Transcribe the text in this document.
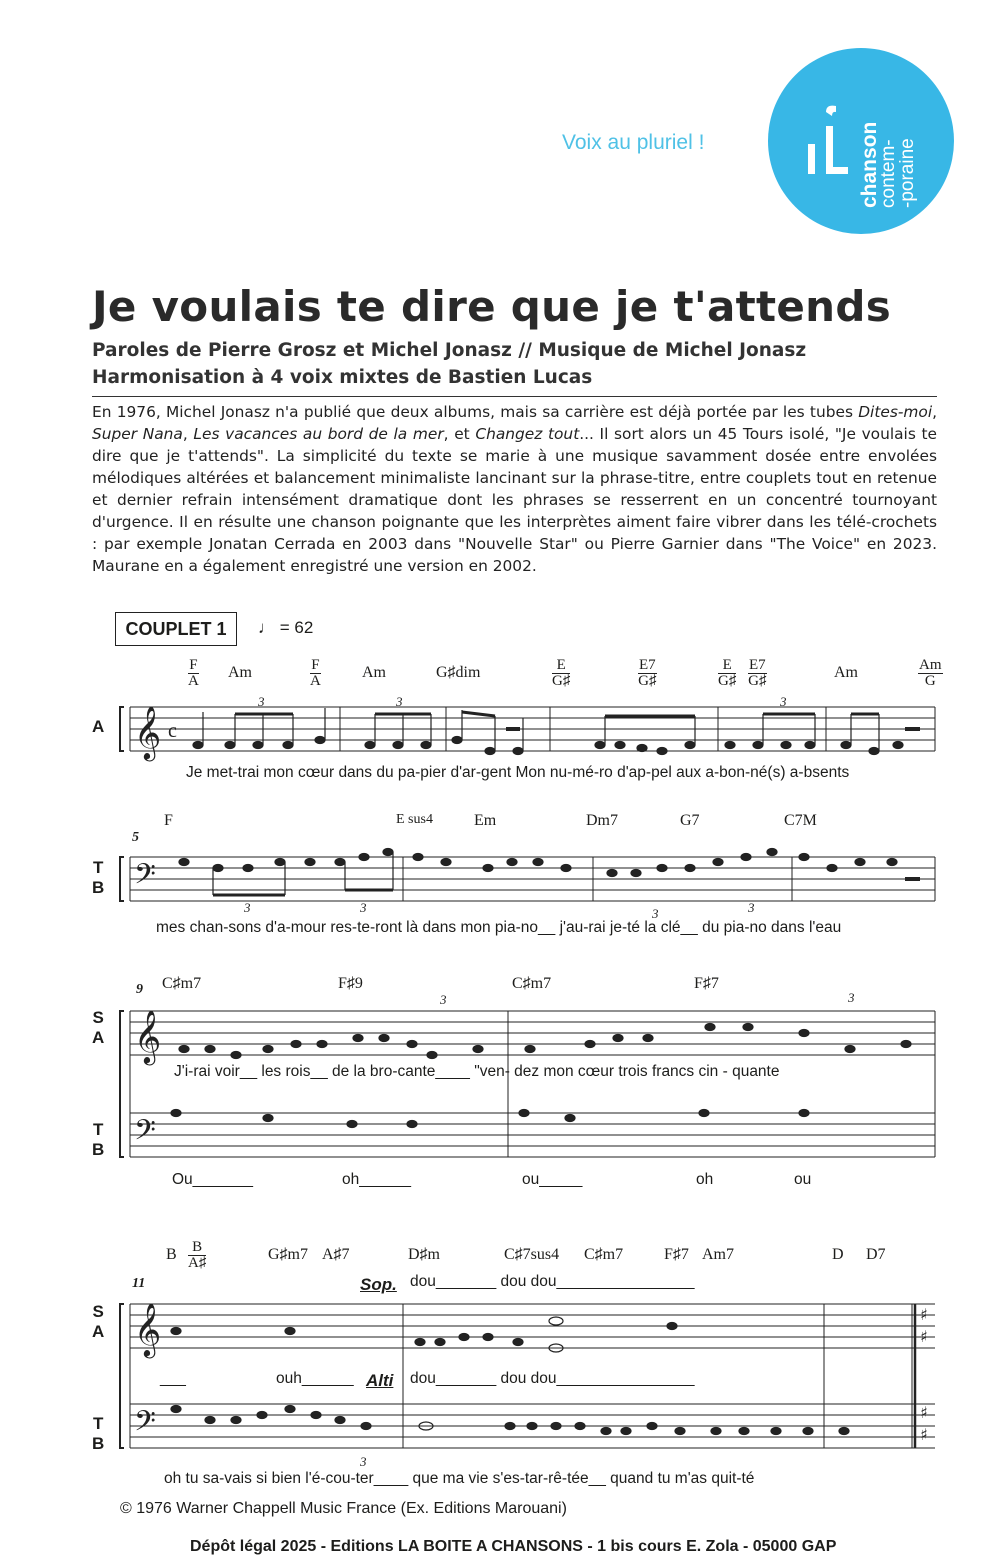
Voix au pluriel !	chanson
contem-
-poraine
Je voulais te dire que je t'attends
Paroles de Pierre Grosz et Michel Jonasz // Musique de Michel Jonasz
Harmonisation à 4 voix mixtes de Bastien Lucas
En 1976, Michel Jonasz n'a publié que deux albums, mais sa carrière est déjà portée par les tubes Dites-moi, Super Nana, Les vacances au bord de la mer, et Changez tout... Il sort alors un 45 Tours isolé, "Je voulais te dire que je t'attends". La simplicité du texte se marie à une musique savamment dosée entre envolées mélodiques altérées et balancement minimaliste lancinant sur la phrase-titre, entre couplets tout en retenue et dernier refrain intensément dramatique dont les phrases se resserrent en un concentré tournoyant d'urgence. Il en résulte une chanson poignante que les interprètes aiment faire vibrer dans les télé-crochets : par exemple Jonatan Cerrada en 2003 dans "Nouvelle Star" ou Pierre Garnier dans "The Voice" en 2023. Maurane en a également enregistré une version en 2002.
COUPLET 1	♩ = 62
𝄞
𝄢
𝄞
𝄢
𝄞
𝄢
c
3	3	3
3	3	3	3
3	3
3
♯
♯
♯
♯
A
Am	Am	G♯dim	Am
F
A
F
A
E
G♯
E7
G♯
E
G♯
E7
G♯
Am
G
Je met-trai mon cœur dans du pa-pier d'ar-gent Mon nu-mé-ro d'ap-pel aux a-bon-né(s) a-bsents
5
T
B
F	E sus4	Em	Dm7	G7	C7M
mes chan-sons d'a-mour res-te-ront là dans mon pia-no__ j'au-rai je-té la clé__ du pia-no dans l'eau
9
S
A
T
B
C♯m7	F♯9	C♯m7	F♯7
J'i-rai voir__ les rois__ de la bro-cante____ "ven- dez mon cœur trois francs cin - quante
Ou_______	oh______	ou_____	oh	ou
11
S
A
T
B
B B
A♯	G♯m7 A♯7	D♯m	C♯7sus4 C♯m7	F♯7 Am7	D D7
Sop. dou_______ dou dou________________
___	ouh______ Alti dou_______ dou dou________________
oh tu sa-vais si bien l'é-cou-ter____ que ma vie s'es-tar-rê-tée__ quand tu m'as quit-té
© 1976 Warner Chappell Music France (Ex. Editions Marouani)
Dépôt légal 2025 - Editions LA BOITE A CHANSONS - 1 bis cours E. Zola - 05000 GAP
